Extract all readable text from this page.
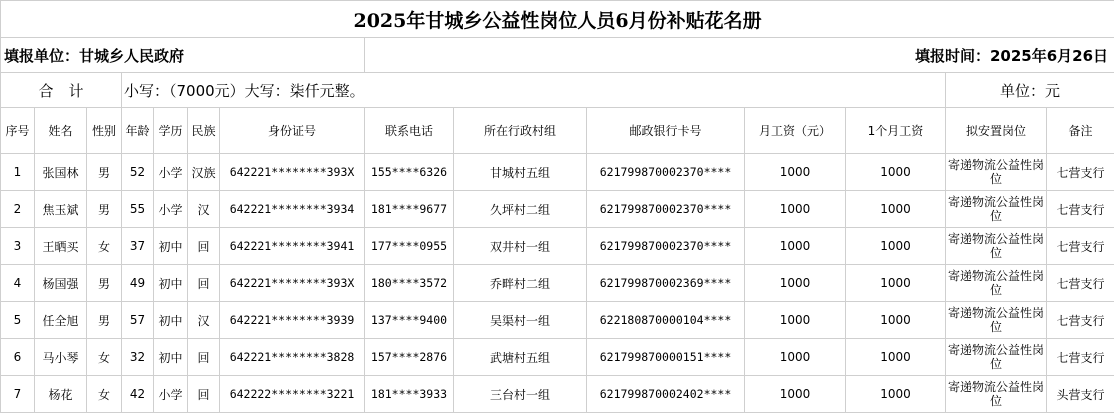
2025年甘城乡公益性岗位人员6月份补贴花名册													
填报单位：甘城乡人民政府							填报时间：2025年6月26日						
合　计			小写：（7000元）大写：柒仟元整。									单位：元	
序号	姓名	性别	年龄	学历	民族	身份证号	联系电话	所在行政村组	邮政银行卡号	月工资（元）	1个月工资	拟安置岗位	备注
1	张国林	男	52	小学	汉族	642221********393X	155****6326	甘城村五组	621799870002370****	1000	1000	寄递物流公益性岗位	七营支行
2	焦玉斌	男	55	小学	汉	642221********3934	181****9677	久坪村二组	621799870002370****	1000	1000	寄递物流公益性岗位	七营支行
3	王晒买	女	37	初中	回	642221********3941	177****0955	双井村一组	621799870002370****	1000	1000	寄递物流公益性岗位	七营支行
4	杨国强	男	49	初中	回	642221********393X	180****3572	乔畔村二组	621799870002369****	1000	1000	寄递物流公益性岗位	七营支行
5	任全旭	男	57	初中	汉	642221********3939	137****9400	吴渠村一组	622180870000104****	1000	1000	寄递物流公益性岗位	七营支行
6	马小琴	女	32	初中	回	642221********3828	157****2876	武塘村五组	621799870000151****	1000	1000	寄递物流公益性岗位	七营支行
7	杨花	女	42	小学	回	642222********3221	181****3933	三台村一组	621799870002402****	1000	1000	寄递物流公益性岗位	头营支行
